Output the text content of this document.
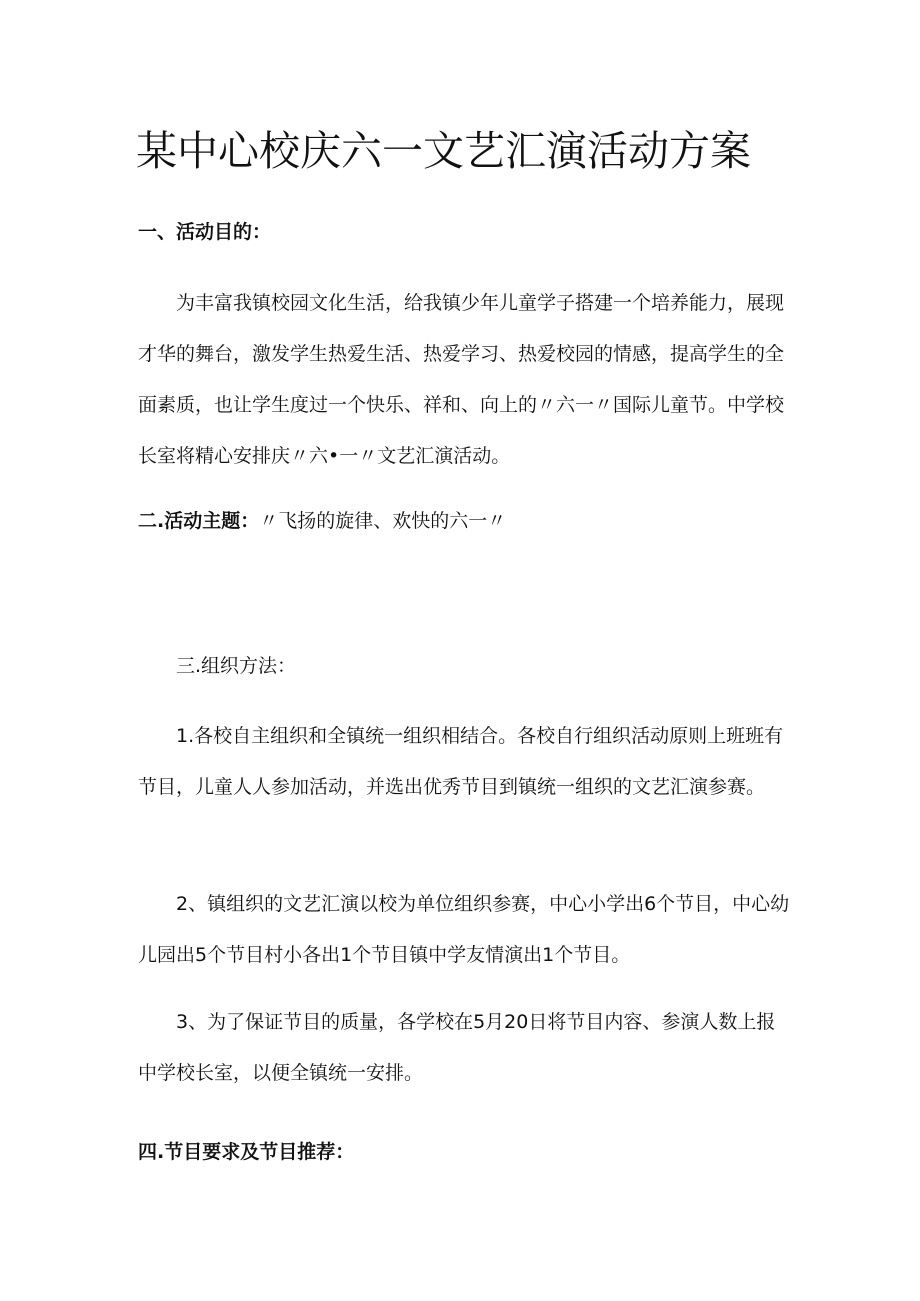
某中心校庆六一文艺汇演活动方案

一、活动目的：

为丰富我镇校园文化生活，给我镇少年儿童学子搭建一个培养能力，展现才华的舞台，激发学生热爱生活、热爱学习、热爱校园的情感，提高学生的全面素质，也让学生度过一个快乐、祥和、向上的〃六一〃国际儿童节。中学校长室将精心安排庆〃六•一〃文艺汇演活动。

二.活动主题：〃飞扬的旋律、欢快的六一〃

三.组织方法：

1.各校自主组织和全镇统一组织相结合。各校自行组织活动原则上班班有节目，儿童人人参加活动，并选出优秀节目到镇统一组织的文艺汇演参赛。

2、镇组织的文艺汇演以校为单位组织参赛，中心小学出6个节目，中心幼儿园出5个节目村小各出1个节目镇中学友情演出1个节目。

3、为了保证节目的质量，各学校在5月20日将节目内容、参演人数上报中学校长室，以便全镇统一安排。

四.节目要求及节目推荐：
